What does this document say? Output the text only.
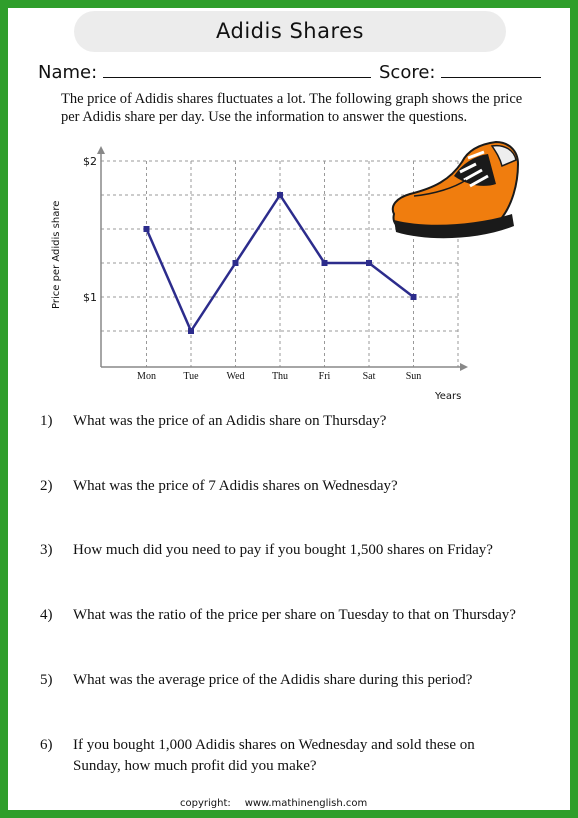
Adidis Shares
Name:	Score:
The price of Adidis shares fluctuates a lot. The following graph shows the price per Adidis share per day. Use the information to answer the questions.
Mon	Tue	Wed	Thu	Fri	Sat	Sun
$2
$1
Price per Adidis share
Years
1) What was the price of an Adidis share on Thursday?
2) What was the price of 7 Adidis shares on Wednesday?
3) How much did you need to pay if you bought 1,500 shares on Friday?
4) What was the ratio of the price per share on Tuesday to that on Thursday?
5) What was the average price of the Adidis share during this period?
6) If you bought 1,000 Adidis shares on Wednesday and sold these on Sunday, how much profit did you make?
copyright: www.mathinenglish.com
